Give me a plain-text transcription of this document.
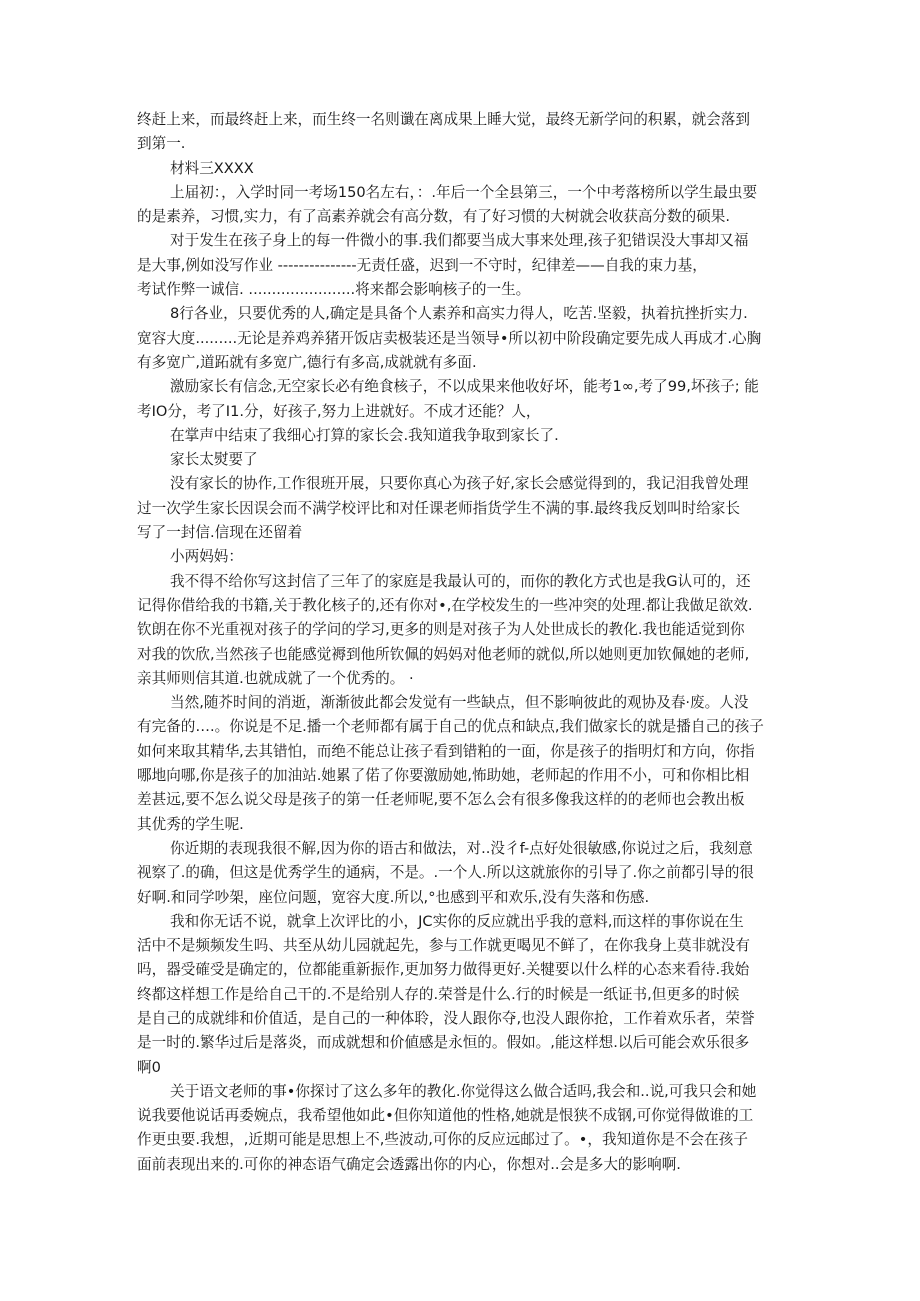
终赶上来，而最终赶上来，而生终一名则谶在离成果上睡大觉，最终无新学问的积累，就会落到
到第一.
材料三XXXX
上届初：，入学时同一考场150名左右，：.年后一个全县第三，一个中考落榜所以学生最虫要
的是素养，习惯,实力，有了高素养就会有高分数，有了好习惯的大树就会收获高分数的硕果.
对于发生在孩子身上的每一件微小的事.我们都要当成大事来处理,孩子犯错误没大事却又福
是大事,例如没写作业 ---------------无责任盛，迟到一不守时，纪律差——自我的束力基，
考试作弊一诚信. .......................将来都会影响核子的一生。
8行各业，只要优秀的人,确定是具备个人素养和高实力得人，吃苦.坚毅，执着抗挫折实力.
宽容大度.........无论是养鸡养猪开饭店卖极装还是当领导•所以初中阶段确定要先成人再成才.心胸
有多宽广,道跖就有多宽广,德行有多高,成就就有多面.
激励家长有信念,无空家长必有绝食核子，不以成果来他收好坏，能考1∞,考了99,坏孩子; 能
考IO分，考了I1.分，好孩子,努力上进就好。不成才还能？人，
在掌声中结束了我细心打算的家长会.我知道我争取到家长了.
家长太熨要了
没有家长的协作,工作很班开展，只要你真心为孩子好,家长会感觉得到的，我记泪我曾处理
过一次学生家长因误会而不满学校评比和对任课老师指货学生不满的事.最终我反划叫时给家长
写了一封信.信现在还留着
小两妈妈：
我不得不给你写这封信了三年了的家庭是我最认可的，而你的教化方式也是我G认可的，还
记得你借给我的书籍,关于教化核子的,还有你对•,在学校发生的一些冲突的处理.都让我做足欲效.
钦朗在你不光重视对孩子的学问的学习,更多的则是对孩子为人处世成长的教化.我也能适觉到你
对我的饮欣,当然孩子也能感觉褥到他所钦佩的妈妈对他老师的就似,所以她则更加钦佩她的老师,
亲其师则信其道.也就成就了一个优秀的。 ·
当然,随芥时间的消逝，渐渐彼此都会发觉有一些缺点，但不影响彼此的观协及春·废。人没
有完备的….。你说是不足.播一个老师都有属于自己的优点和缺点,我们做家长的就是播自己的孩子
如何来取其精华,去其错怕，而绝不能总让孩子看到错粕的一面，你是孩子的指明灯和方向，你指
哪地向哪,你是孩子的加油站.她累了偌了你要激励她,怖助她，老师起的作用不小，可和你相比相
差甚远,要不怎么说父母是孩子的第一任老师呢,要不怎么会有很多像我这样的的老师也会教出板
其优秀的学生呢.
你近期的表现我很不解,因为你的语古和做法，对..没彳f-点好处很敏感,你说过之后，我刻意
视察了.的确，但这是优秀学生的通病，不是。.一个人.所以这就旅你的引导了.你之前都引导的很
好啊.和同学吵架，座位问题，宽容大度.所以,°也感到平和欢乐,没有失落和伤感.
我和你无话不说，就拿上次评比的小，JC实你的反应就出乎我的意料,而这样的事你说在生
活中不是频频发生吗、共至从幼儿园就起先，参与工作就更喝见不鲜了，在你我身上莫非就没有
吗，器受確受是确定的，位都能重新振作,更加努力做得更好.关犍要以什么样的心态来看待.我始
终都这样想工作是给自己干的.不是给别人存的.荣誉是什么.行的时候是一纸证书,但更多的时候
是自己的成就绯和价值适，是自己的一种体聆，没人跟你夺,也没人跟你抢，工作着欢乐者，荣誉
是一时的.繁华过后是落炎，而成就想和价値感是永恒的。假如。,能这样想.以后可能会欢乐很多
啊0
关于语文老师的事•你探讨了这么多年的教化.你觉得这么做合适吗,我会和..说,可我只会和她
说我要他说话再委婉点，我希望他如此•但你知道他的性格,她就是恨狭不成钢,可你觉得做谁的工
作更虫要.我想，,近期可能是思想上不,些波动,可你的反应远邮过了。•，我知道你是不会在孩子
面前表现出来的.可你的神态语气确定会透露出你的内心，你想对..会是多大的影响啊.
